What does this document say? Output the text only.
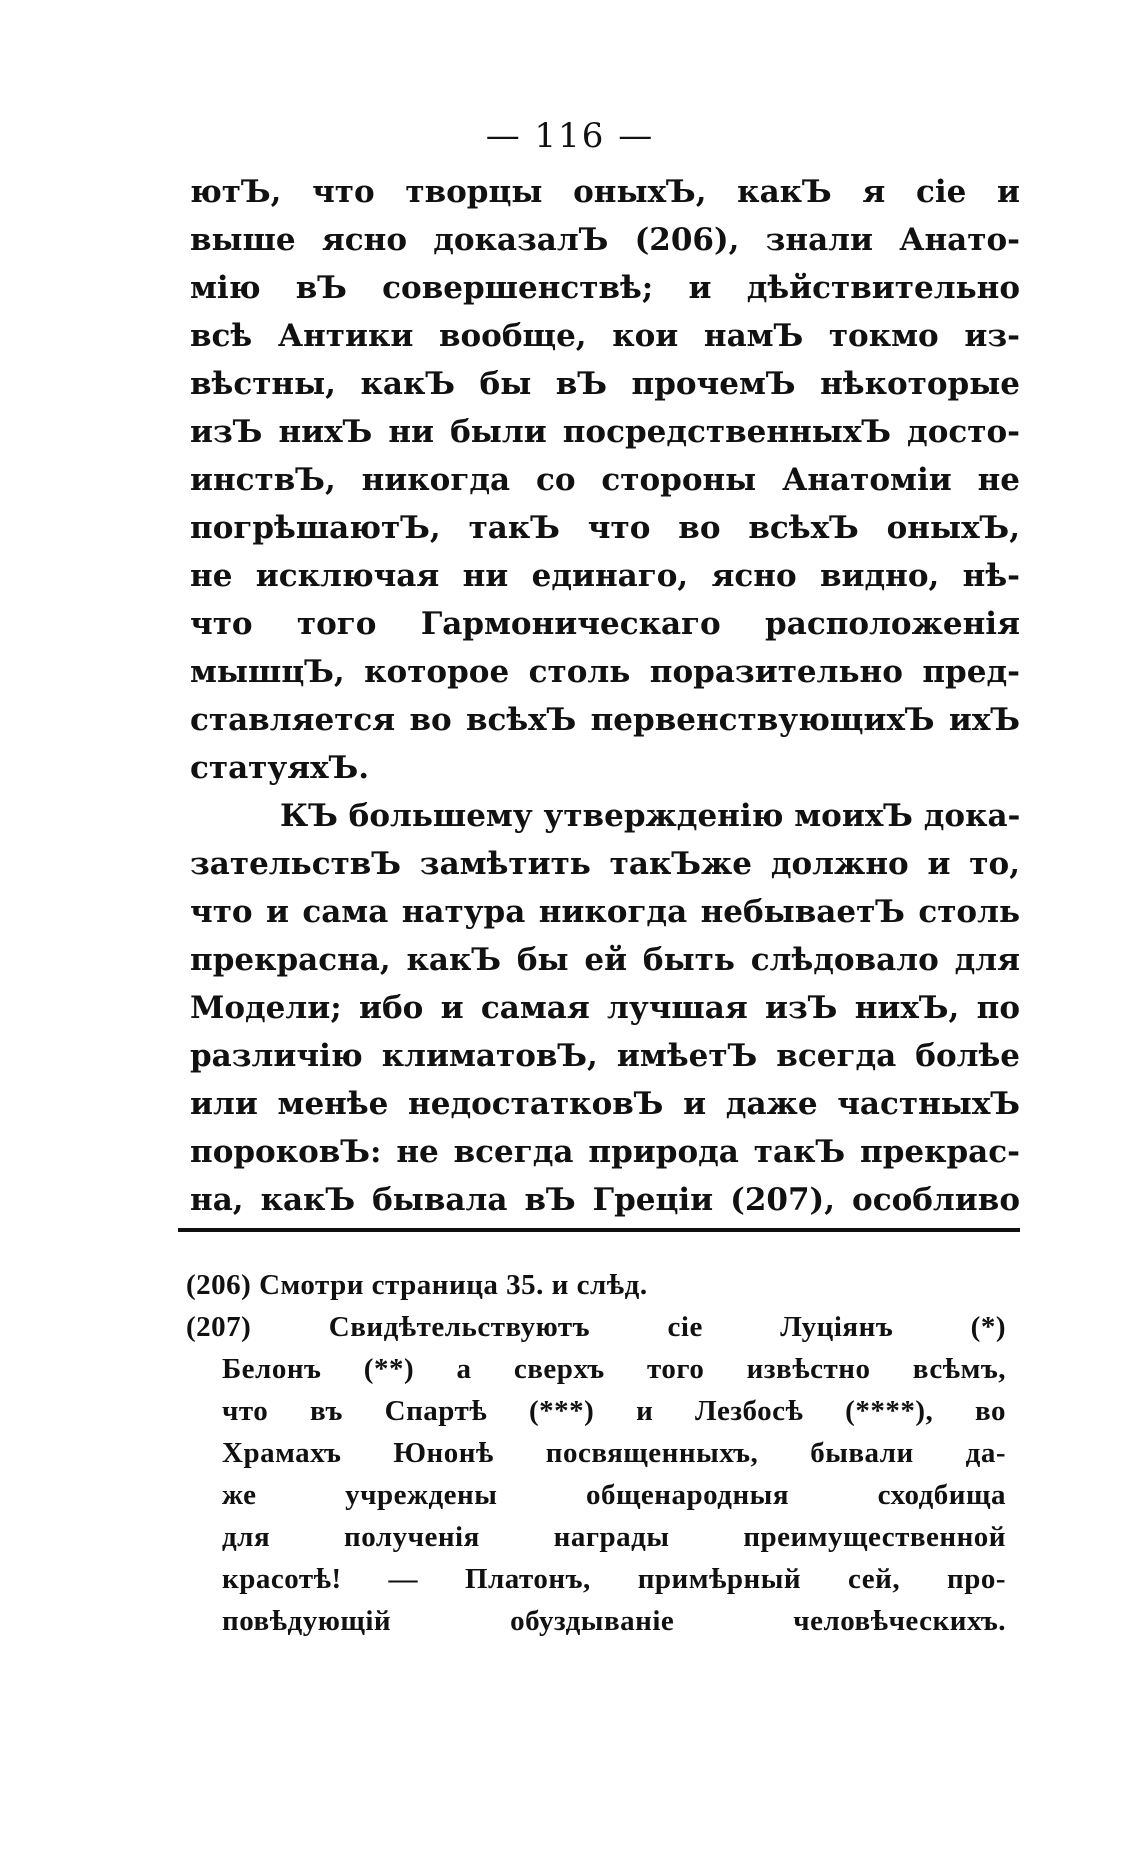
— 116 —
ютЪ, что творцы оныхЪ, какЪ я сіе и
выше ясно доказалЪ (206), знали Анато-
мію вЪ совершенствѣ; и дѣйствительно
всѣ Антики вообще, кои намЪ токмо из-
вѣстны, какЪ бы вЪ прочемЪ нѣкоторые
изЪ нихЪ ни были посредственныхЪ досто-
инствЪ, никогда со стороны Анатоміи не
погрѣшаютЪ, такЪ что во всѣхЪ оныхЪ,
не исключая ни единаго, ясно видно, нѣ-
что того Гармоническаго расположенія
мышцЪ, которое столь поразительно пред-
ставляется во всѣхЪ первенствующихЪ ихЪ
статуяхЪ.
КЪ большему утвержденію моихЪ дока-
зательствЪ замѣтить такЪже должно и то,
что и сама натура никогда небываетЪ столь
прекрасна, какЪ бы ей быть слѣдовало для
Модели; ибо и самая лучшая изЪ нихЪ, по
различію климатовЪ, имѣетЪ всегда болѣе
или менѣе недостатковЪ и даже частныхЪ
пороковЪ: не всегда природа такЪ прекрас-
на, какЪ бывала вЪ Греціи (207), особливо
(206) Смотри страница 35. и слѣд.
(207) Свидѣтельствуютъ сіе Луціянъ (*)
Белонъ (**) а сверхъ того извѣстно всѣмъ,
что въ Спартѣ (***) и Лезбосѣ (****), во
Храмахъ Юнонѣ посвященныхъ, бывали да-
же учреждены общенародныя сходбища
для полученія награды преимущественной
красотѣ! — Платонъ, примѣрный сей, про-
повѣдующій обуздываніе человѣческихъ.
